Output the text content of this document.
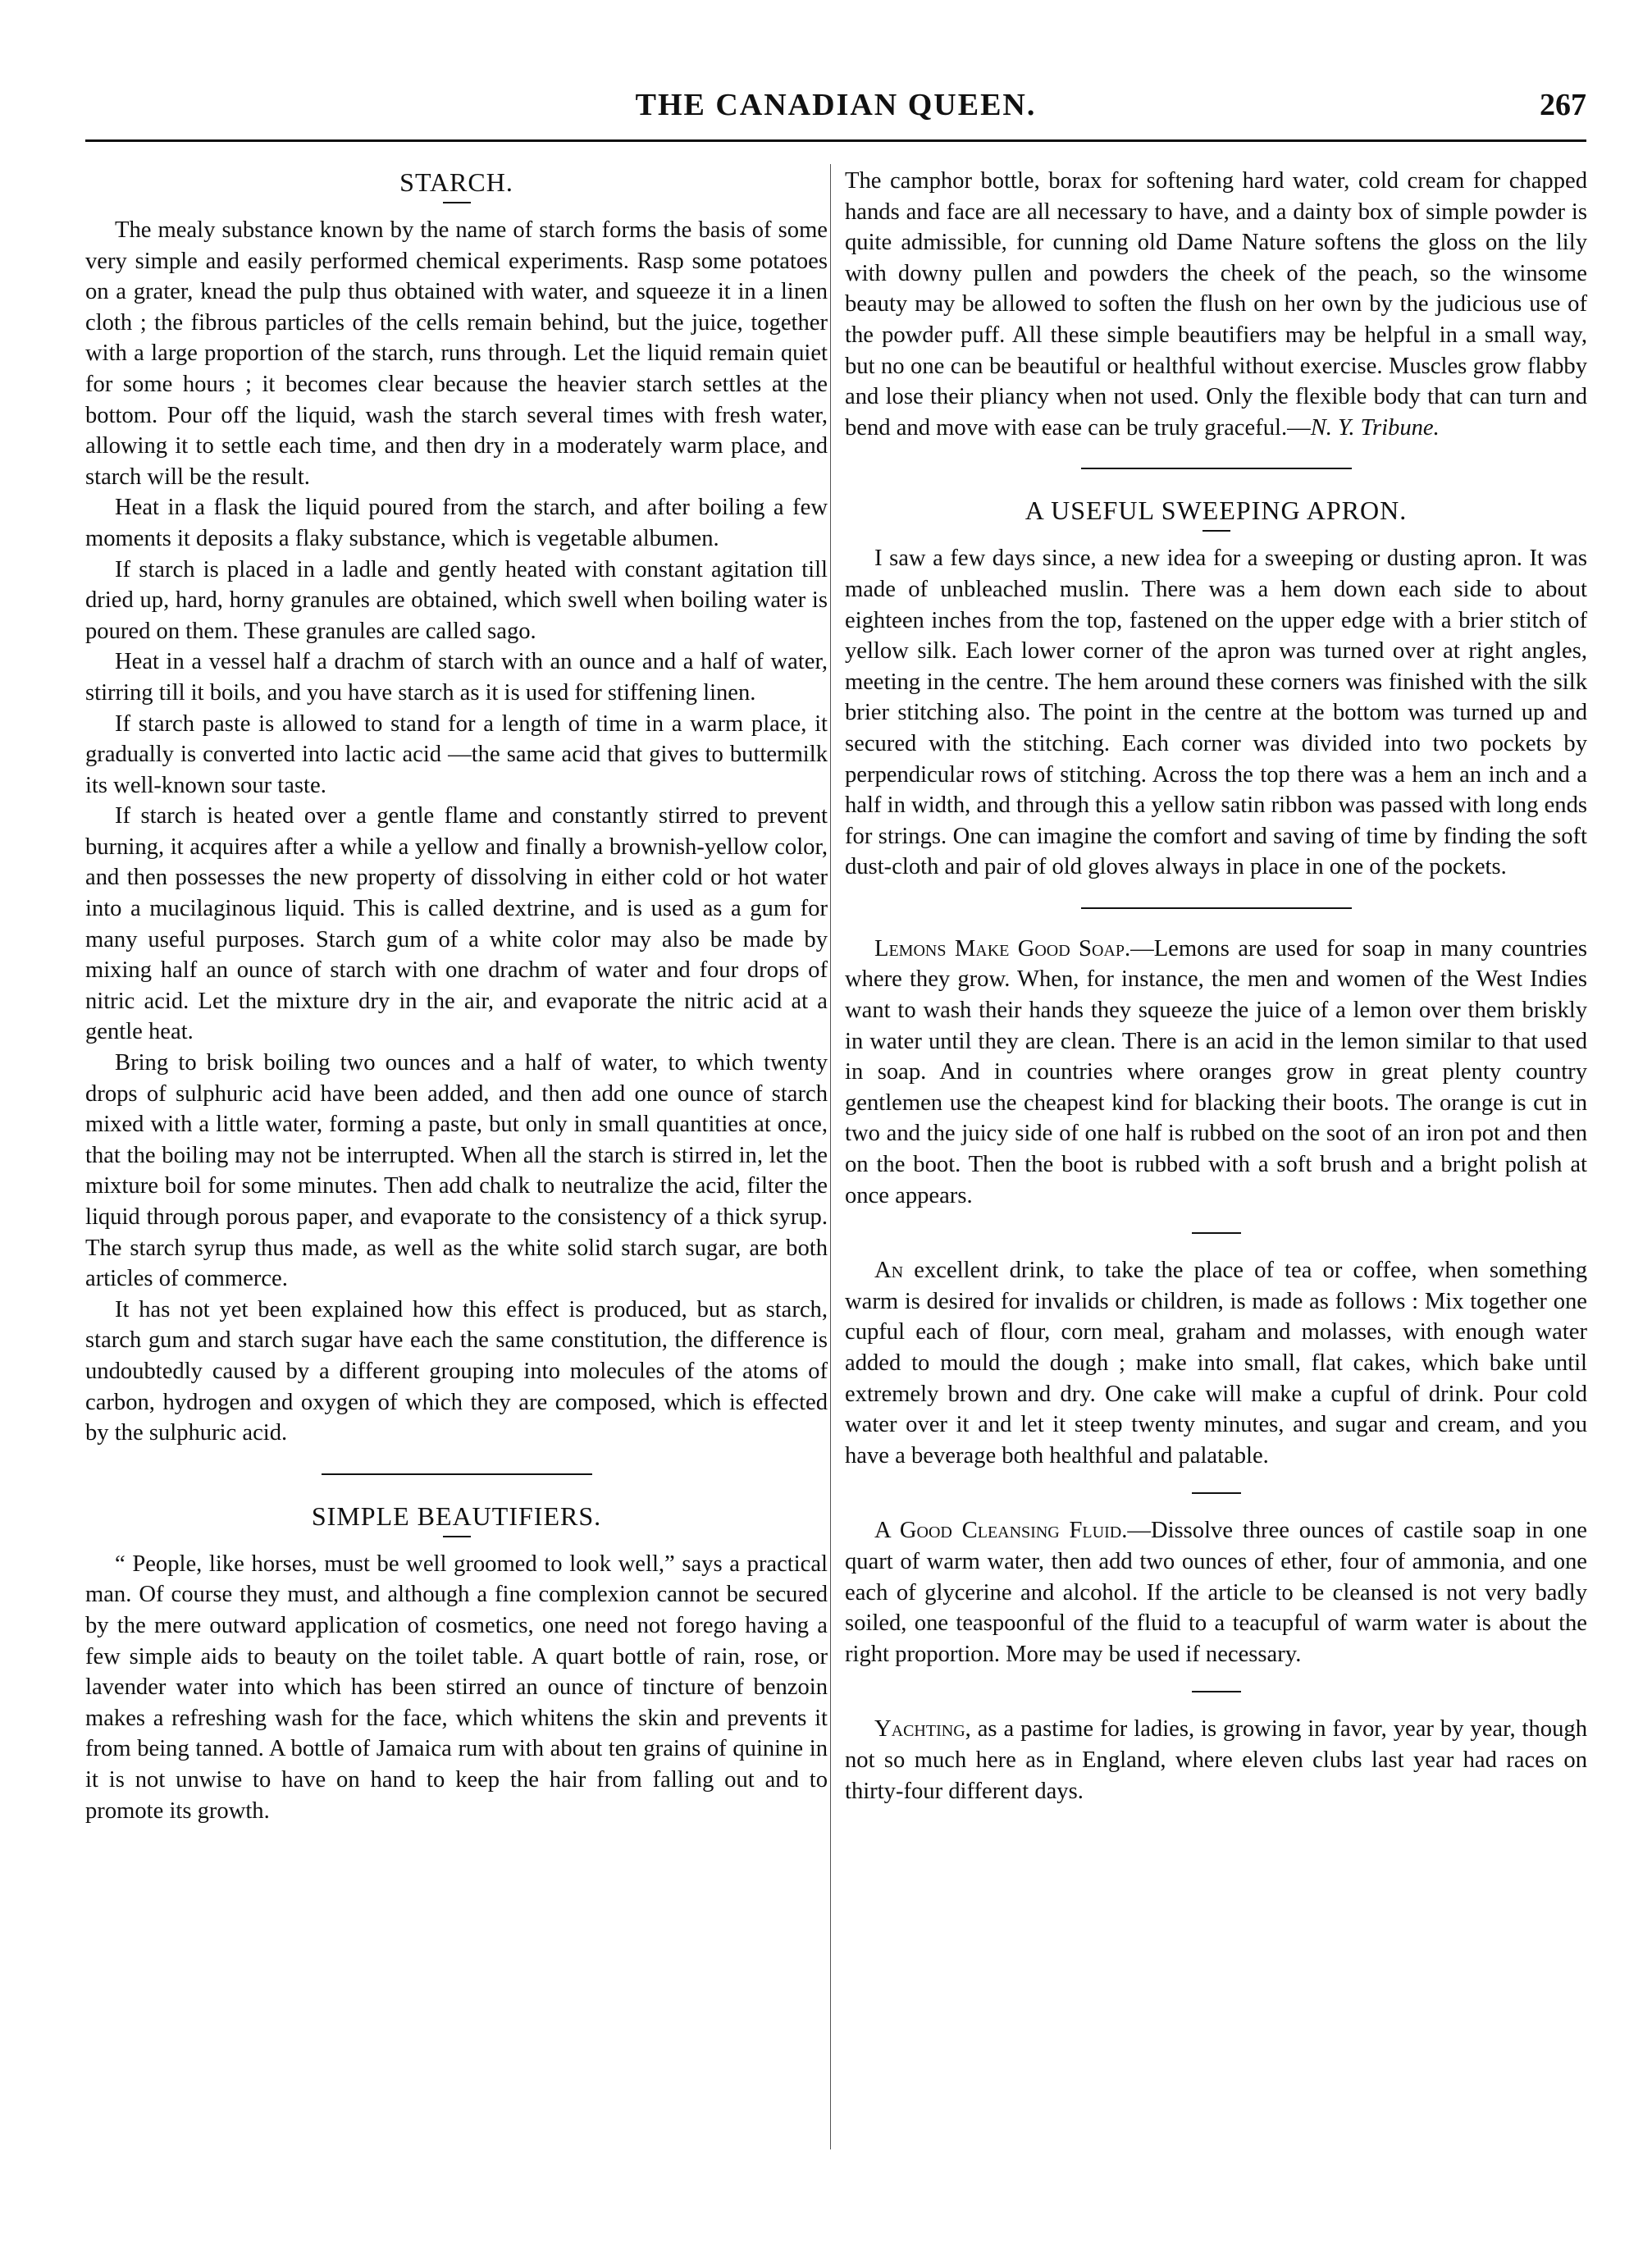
THE CANADIAN QUEEN.	267
STARCH.

The mealy substance known by the name of starch forms the basis of some very simple and easily performed chemical experiments. Rasp some potatoes on a grater, knead the pulp thus obtained with water, and squeeze it in a linen cloth ; the fibrous particles of the cells remain behind, but the juice, together with a large proportion of the starch, runs through. Let the liquid remain quiet for some hours ; it becomes clear because the heavier starch settles at the bottom. Pour off the liquid, wash the starch several times with fresh water, allowing it to settle each time, and then dry in a moderately warm place, and starch will be the result.

Heat in a flask the liquid poured from the starch, and after boiling a few moments it deposits a flaky substance, which is vegetable albumen.

If starch is placed in a ladle and gently heated with constant agitation till dried up, hard, horny granules are obtained, which swell when boiling water is poured on them. These granules are called sago.

Heat in a vessel half a drachm of starch with an ounce and a half of water, stirring till it boils, and you have starch as it is used for stiffening linen.

If starch paste is allowed to stand for a length of time in a warm place, it gradually is converted into lactic acid —the same acid that gives to buttermilk its well-known sour taste.

If starch is heated over a gentle flame and constantly stirred to prevent burning, it acquires after a while a yellow and finally a brownish-yellow color, and then possesses the new property of dissolving in either cold or hot water into a mucilaginous liquid. This is called dextrine, and is used as a gum for many useful purposes. Starch gum of a white color may also be made by mixing half an ounce of starch with one drachm of water and four drops of nitric acid. Let the mixture dry in the air, and evaporate the nitric acid at a gentle heat.

Bring to brisk boiling two ounces and a half of water, to which twenty drops of sulphuric acid have been added, and then add one ounce of starch mixed with a little water, forming a paste, but only in small quantities at once, that the boiling may not be interrupted. When all the starch is stirred in, let the mixture boil for some minutes. Then add chalk to neutralize the acid, filter the liquid through porous paper, and evaporate to the consistency of a thick syrup. The starch syrup thus made, as well as the white solid starch sugar, are both articles of commerce.

It has not yet been explained how this effect is produced, but as starch, starch gum and starch sugar have each the same constitution, the difference is undoubtedly caused by a different grouping into molecules of the atoms of carbon, hydrogen and oxygen of which they are composed, which is effected by the sulphuric acid.

SIMPLE BEAUTIFIERS.

“ People, like horses, must be well groomed to look well,” says a practical man. Of course they must, and although a fine complexion cannot be secured by the mere outward application of cosmetics, one need not forego having a few simple aids to beauty on the toilet table. A quart bottle of rain, rose, or lavender water into which has been stirred an ounce of tincture of benzoin makes a refreshing wash for the face, which whitens the skin and prevents it from being tanned. A bottle of Jamaica rum with about ten grains of quinine in it is not unwise to have on hand to keep the hair from falling out and to promote its growth.

The camphor bottle, borax for softening hard water, cold cream for chapped hands and face are all necessary to have, and a dainty box of simple powder is quite admissible, for cunning old Dame Nature softens the gloss on the lily with downy pullen and powders the cheek of the peach, so the winsome beauty may be allowed to soften the flush on her own by the judicious use of the powder puff. All these simple beautifiers may be helpful in a small way, but no one can be beautiful or healthful without exercise. Muscles grow flabby and lose their pliancy when not used. Only the flexible body that can turn and bend and move with ease can be truly graceful.—N. Y. Tribune.

A USEFUL SWEEPING APRON.

I saw a few days since, a new idea for a sweeping or dusting apron. It was made of unbleached muslin. There was a hem down each side to about eighteen inches from the top, fastened on the upper edge with a brier stitch of yellow silk. Each lower corner of the apron was turned over at right angles, meeting in the centre. The hem around these corners was finished with the silk brier stitching also. The point in the centre at the bottom was turned up and secured with the stitching. Each corner was divided into two pockets by perpendicular rows of stitching. Across the top there was a hem an inch and a half in width, and through this a yellow satin ribbon was passed with long ends for strings. One can imagine the comfort and saving of time by finding the soft dust-cloth and pair of old gloves always in place in one of the pockets.

Lemons Make Good Soap.—Lemons are used for soap in many countries where they grow. When, for instance, the men and women of the West Indies want to wash their hands they squeeze the juice of a lemon over them briskly in water until they are clean. There is an acid in the lemon similar to that used in soap. And in countries where oranges grow in great plenty country gentlemen use the cheapest kind for blacking their boots. The orange is cut in two and the juicy side of one half is rubbed on the soot of an iron pot and then on the boot. Then the boot is rubbed with a soft brush and a bright polish at once appears.

An excellent drink, to take the place of tea or coffee, when something warm is desired for invalids or children, is made as follows : Mix together one cupful each of flour, corn meal, graham and molasses, with enough water added to mould the dough ; make into small, flat cakes, which bake until extremely brown and dry. One cake will make a cupful of drink. Pour cold water over it and let it steep twenty minutes, and sugar and cream, and you have a beverage both healthful and palatable.

A Good Cleansing Fluid.—Dissolve three ounces of castile soap in one quart of warm water, then add two ounces of ether, four of ammonia, and one each of glycerine and alcohol. If the article to be cleansed is not very badly soiled, one teaspoonful of the fluid to a teacupful of warm water is about the right proportion. More may be used if necessary.

Yachting, as a pastime for ladies, is growing in favor, year by year, though not so much here as in England, where eleven clubs last year had races on thirty-four different days.
